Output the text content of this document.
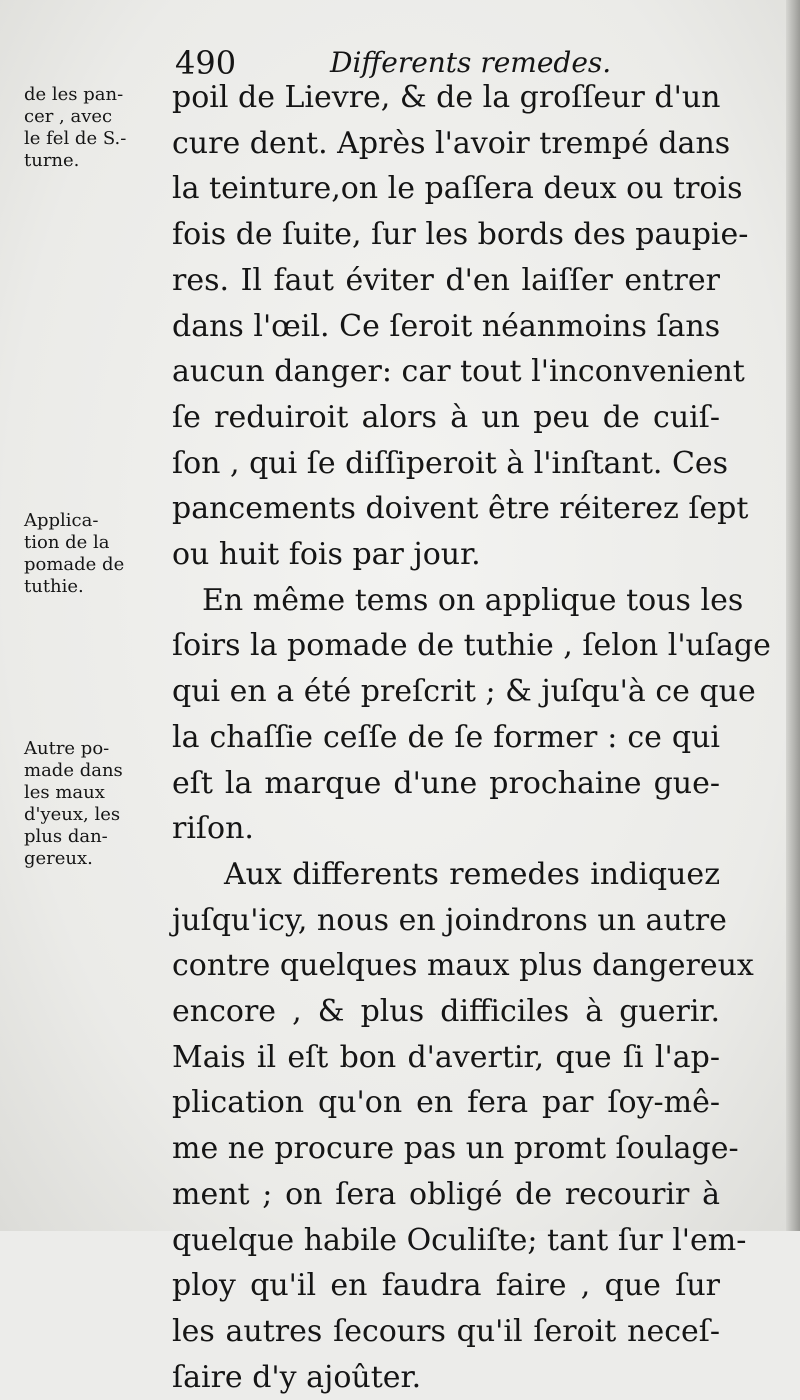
490	Differents remedes.
de les pan-
cer , avec
le fel de S.-
turne.
Applica-
tion de la
pomade de
tuthie.
Autre po-
made dans
les maux
d'yeux, les
plus dan-
gereux.
poil de Lievre, & de la groſſeur d'un
cure dent. Après l'avoir trempé dans
la teinture,on le paſſera deux ou trois
fois de ſuite, ſur les bords des paupie-
res. Il faut éviter d'en laiſſer entrer
dans l'œil. Ce ſeroit néanmoins ſans
aucun danger: car tout l'inconvenient
ſe reduiroit alors à un peu de cuiſ-
ſon , qui ſe diſſiperoit à l'inſtant. Ces
pancements doivent être réiterez ſept
ou huit fois par jour.
En même tems on applique tous les
ſoirs la pomade de tuthie , ſelon l'uſage
qui en a été preſcrit ; & juſqu'à ce que
la chaſſie ceſſe de ſe former : ce qui
eſt la marque d'une prochaine gue-
riſon.
Aux differents remedes indiquez
juſqu'icy, nous en joindrons un autre
contre quelques maux plus dangereux
encore , & plus difficiles à guerir.
Mais il eſt bon d'avertir, que ſi l'ap-
plication qu'on en fera par ſoy-mê-
me ne procure pas un promt ſoulage-
ment ; on ſera obligé de recourir à
quelque habile Oculiſte; tant ſur l'em-
ploy qu'il en faudra faire , que ſur
les autres ſecours qu'il ſeroit neceſ-
ſaire d'y ajoûter.
